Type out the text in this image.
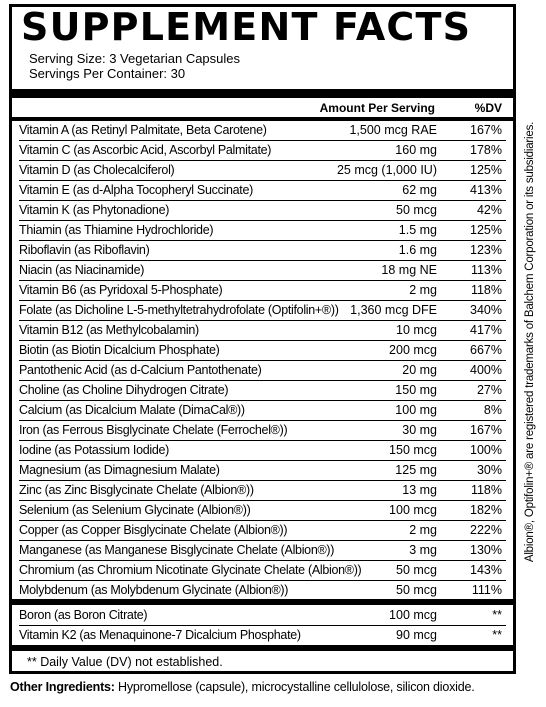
SUPPLEMENT FACTS
Serving Size: 3 Vegetarian Capsules
Servings Per Container: 30
Amount Per Serving	%DV
Vitamin A (as Retinyl Palmitate, Beta Carotene)	1,500 mcg RAE	167%
Vitamin C (as Ascorbic Acid, Ascorbyl Palmitate)	160 mg	178%
Vitamin D (as Cholecalciferol)	25 mcg (1,000 IU)	125%
Vitamin E (as d-Alpha Tocopheryl Succinate)	62 mg	413%
Vitamin K (as Phytonadione)	50 mcg	42%
Thiamin (as Thiamine Hydrochloride)	1.5 mg	125%
Riboflavin (as Riboflavin)	1.6 mg	123%
Niacin (as Niacinamide)	18 mg NE	113%
Vitamin B6 (as Pyridoxal 5-Phosphate)	2 mg	118%
Folate (as Dicholine L-5-methyltetrahydrofolate (Optifolin+®)) 1,360 mcg DFE	340%
Vitamin B12 (as Methylcobalamin)	10 mcg	417%
Biotin (as Biotin Dicalcium Phosphate)	200 mcg	667%
Pantothenic Acid (as d-Calcium Pantothenate)	20 mg	400%
Choline (as Choline Dihydrogen Citrate)	150 mg	27%
Calcium (as Dicalcium Malate (DimaCal®))	100 mg	8%
Iron (as Ferrous Bisglycinate Chelate (Ferrochel®))	30 mg	167%
Iodine (as Potassium Iodide)	150 mcg	100%
Magnesium (as Dimagnesium Malate)	125 mg	30%
Zinc (as Zinc Bisglycinate Chelate (Albion®))	13 mg	118%
Selenium (as Selenium Glycinate (Albion®))	100 mcg	182%
Copper (as Copper Bisglycinate Chelate (Albion®))	2 mg	222%
Manganese (as Manganese Bisglycinate Chelate (Albion®))	3 mg	130%
Chromium (as Chromium Nicotinate Glycinate Chelate (Albion®))	50 mcg	143%
Molybdenum (as Molybdenum Glycinate (Albion®))	50 mcg	111%
Boron (as Boron Citrate)	100 mcg	**
Vitamin K2 (as Menaquinone-7 Dicalcium Phosphate)	90 mcg	**
** Daily Value (DV) not established.
Other Ingredients: Hypromellose (capsule), microcystalline cellulolose, silicon dioxide.
Albion®, Optifolin+® are registered trademarks of Balchem Corporation or its subsidiaries.
